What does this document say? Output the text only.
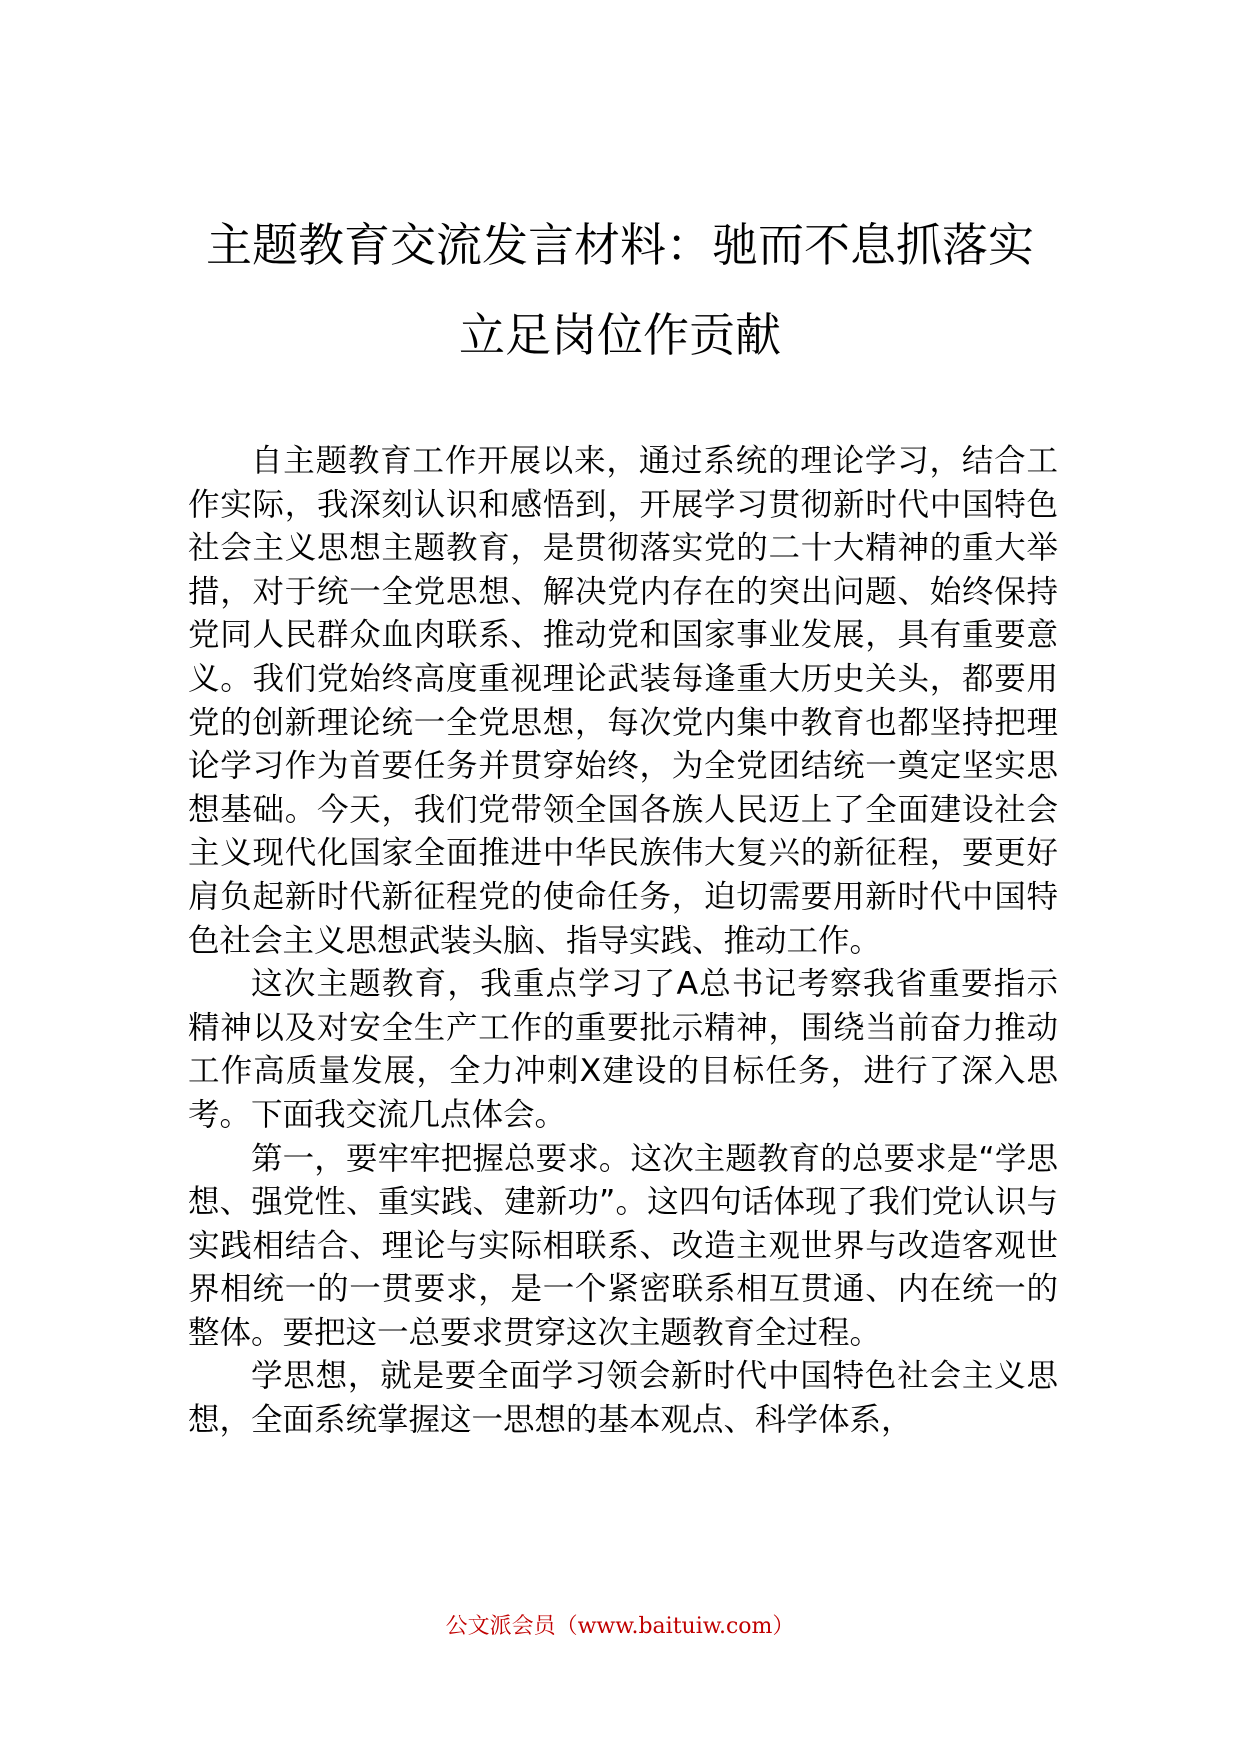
主题教育交流发言材料：驰而不息抓落实
立足岗位作贡献

自主题教育工作开展以来，通过系统的理论学习，结合工作实际，我深刻认识和感悟到，开展学习贯彻新时代中国特色社会主义思想主题教育，是贯彻落实党的二十大精神的重大举措，对于统一全党思想、解决党内存在的突出问题、始终保持党同人民群众血肉联系、推动党和国家事业发展，具有重要意义。我们党始终高度重视理论武装每逢重大历史关头，都要用党的创新理论统一全党思想，每次党内集中教育也都坚持把理论学习作为首要任务并贯穿始终，为全党团结统一奠定坚实思想基础。今天，我们党带领全国各族人民迈上了全面建设社会主义现代化国家全面推进中华民族伟大复兴的新征程，要更好肩负起新时代新征程党的使命任务，迫切需要用新时代中国特色社会主义思想武装头脑、指导实践、推动工作。

这次主题教育，我重点学习了A总书记考察我省重要指示精神以及对安全生产工作的重要批示精神，围绕当前奋力推动工作高质量发展，全力冲刺X建设的目标任务，进行了深入思考。下面我交流几点体会。

第一，要牢牢把握总要求。这次主题教育的总要求是“学思想、强党性、重实践、建新功”。这四句话体现了我们党认识与实践相结合、理论与实际相联系、改造主观世界与改造客观世界相统一的一贯要求，是一个紧密联系相互贯通、内在统一的整体。要把这一总要求贯穿这次主题教育全过程。

学思想，就是要全面学习领会新时代中国特色社会主义思想，全面系统掌握这一思想的基本观点、科学体系，

公文派会员（www.baituiw.com）
